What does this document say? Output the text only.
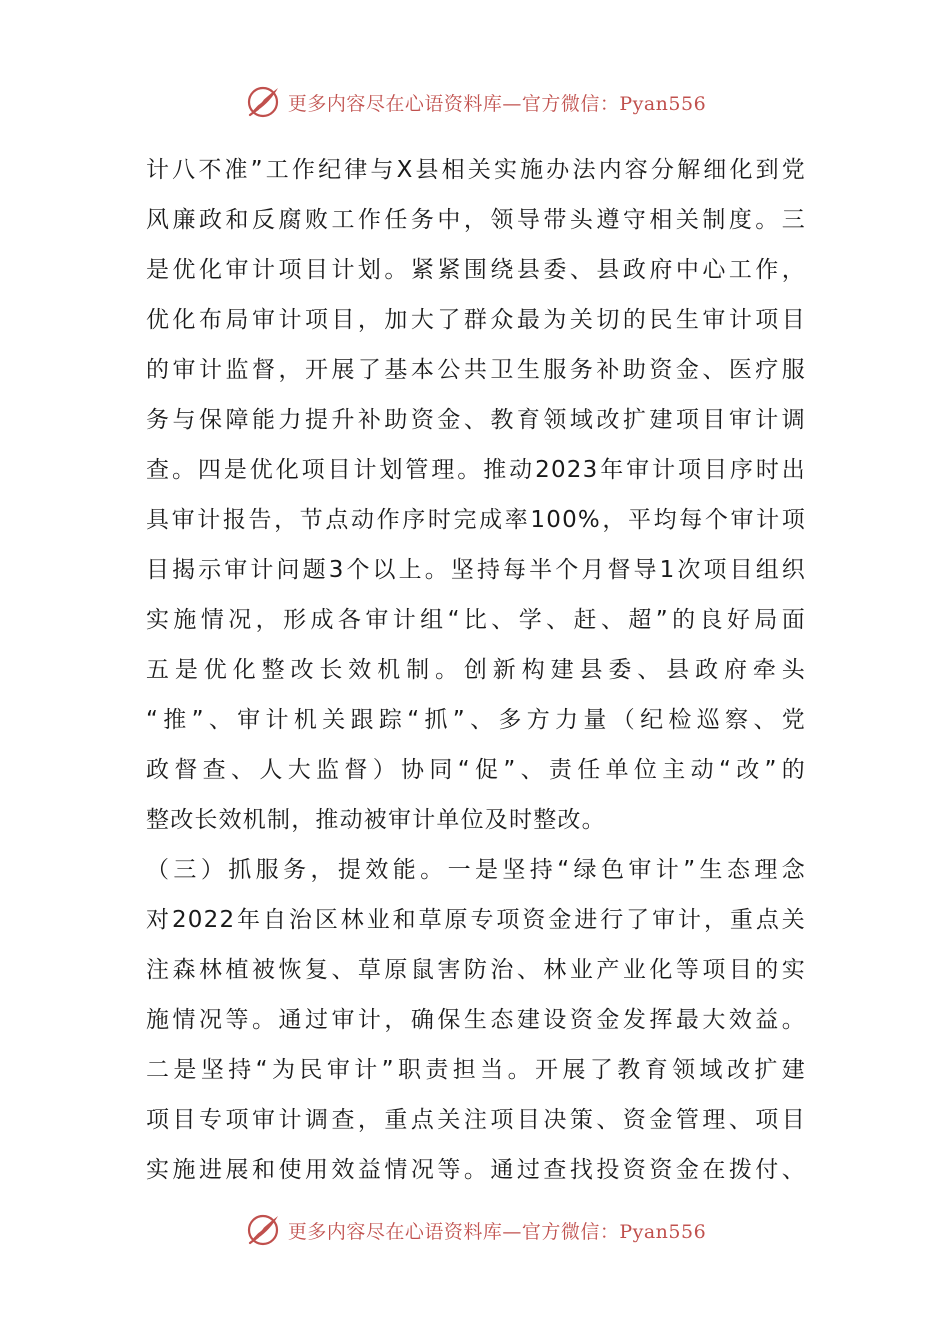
更多内容尽在心语资料库—官方微信：Pyan556
计八不准”工作纪律与X县相关实施办法内容分解细化到党
风廉政和反腐败工作任务中，领导带头遵守相关制度。三
是优化审计项目计划。紧紧围绕县委、县政府中心工作，
优化布局审计项目，加大了群众最为关切的民生审计项目
的审计监督，开展了基本公共卫生服务补助资金、医疗服
务与保障能力提升补助资金、教育领域改扩建项目审计调
查。四是优化项目计划管理。推动2023年审计项目序时出
具审计报告，节点动作序时完成率100%，平均每个审计项
目揭示审计问题3个以上。坚持每半个月督导1次项目组织
实施情况，形成各审计组“比、学、赶、超”的良好局面
五是优化整改长效机制。创新构建县委、县政府牵头
“推”、审计机关跟踪“抓”、多方力量（纪检巡察、党
政督查、人大监督）协同“促”、责任单位主动“改”的
整改长效机制，推动被审计单位及时整改。
（三）抓服务，提效能。一是坚持“绿色审计”生态理念
对2022年自治区林业和草原专项资金进行了审计，重点关
注森林植被恢复、草原鼠害防治、林业产业化等项目的实
施情况等。通过审计，确保生态建设资金发挥最大效益。
二是坚持“为民审计”职责担当。开展了教育领域改扩建
项目专项审计调查，重点关注项目决策、资金管理、项目
实施进展和使用效益情况等。通过查找投资资金在拨付、
更多内容尽在心语资料库—官方微信：Pyan556
